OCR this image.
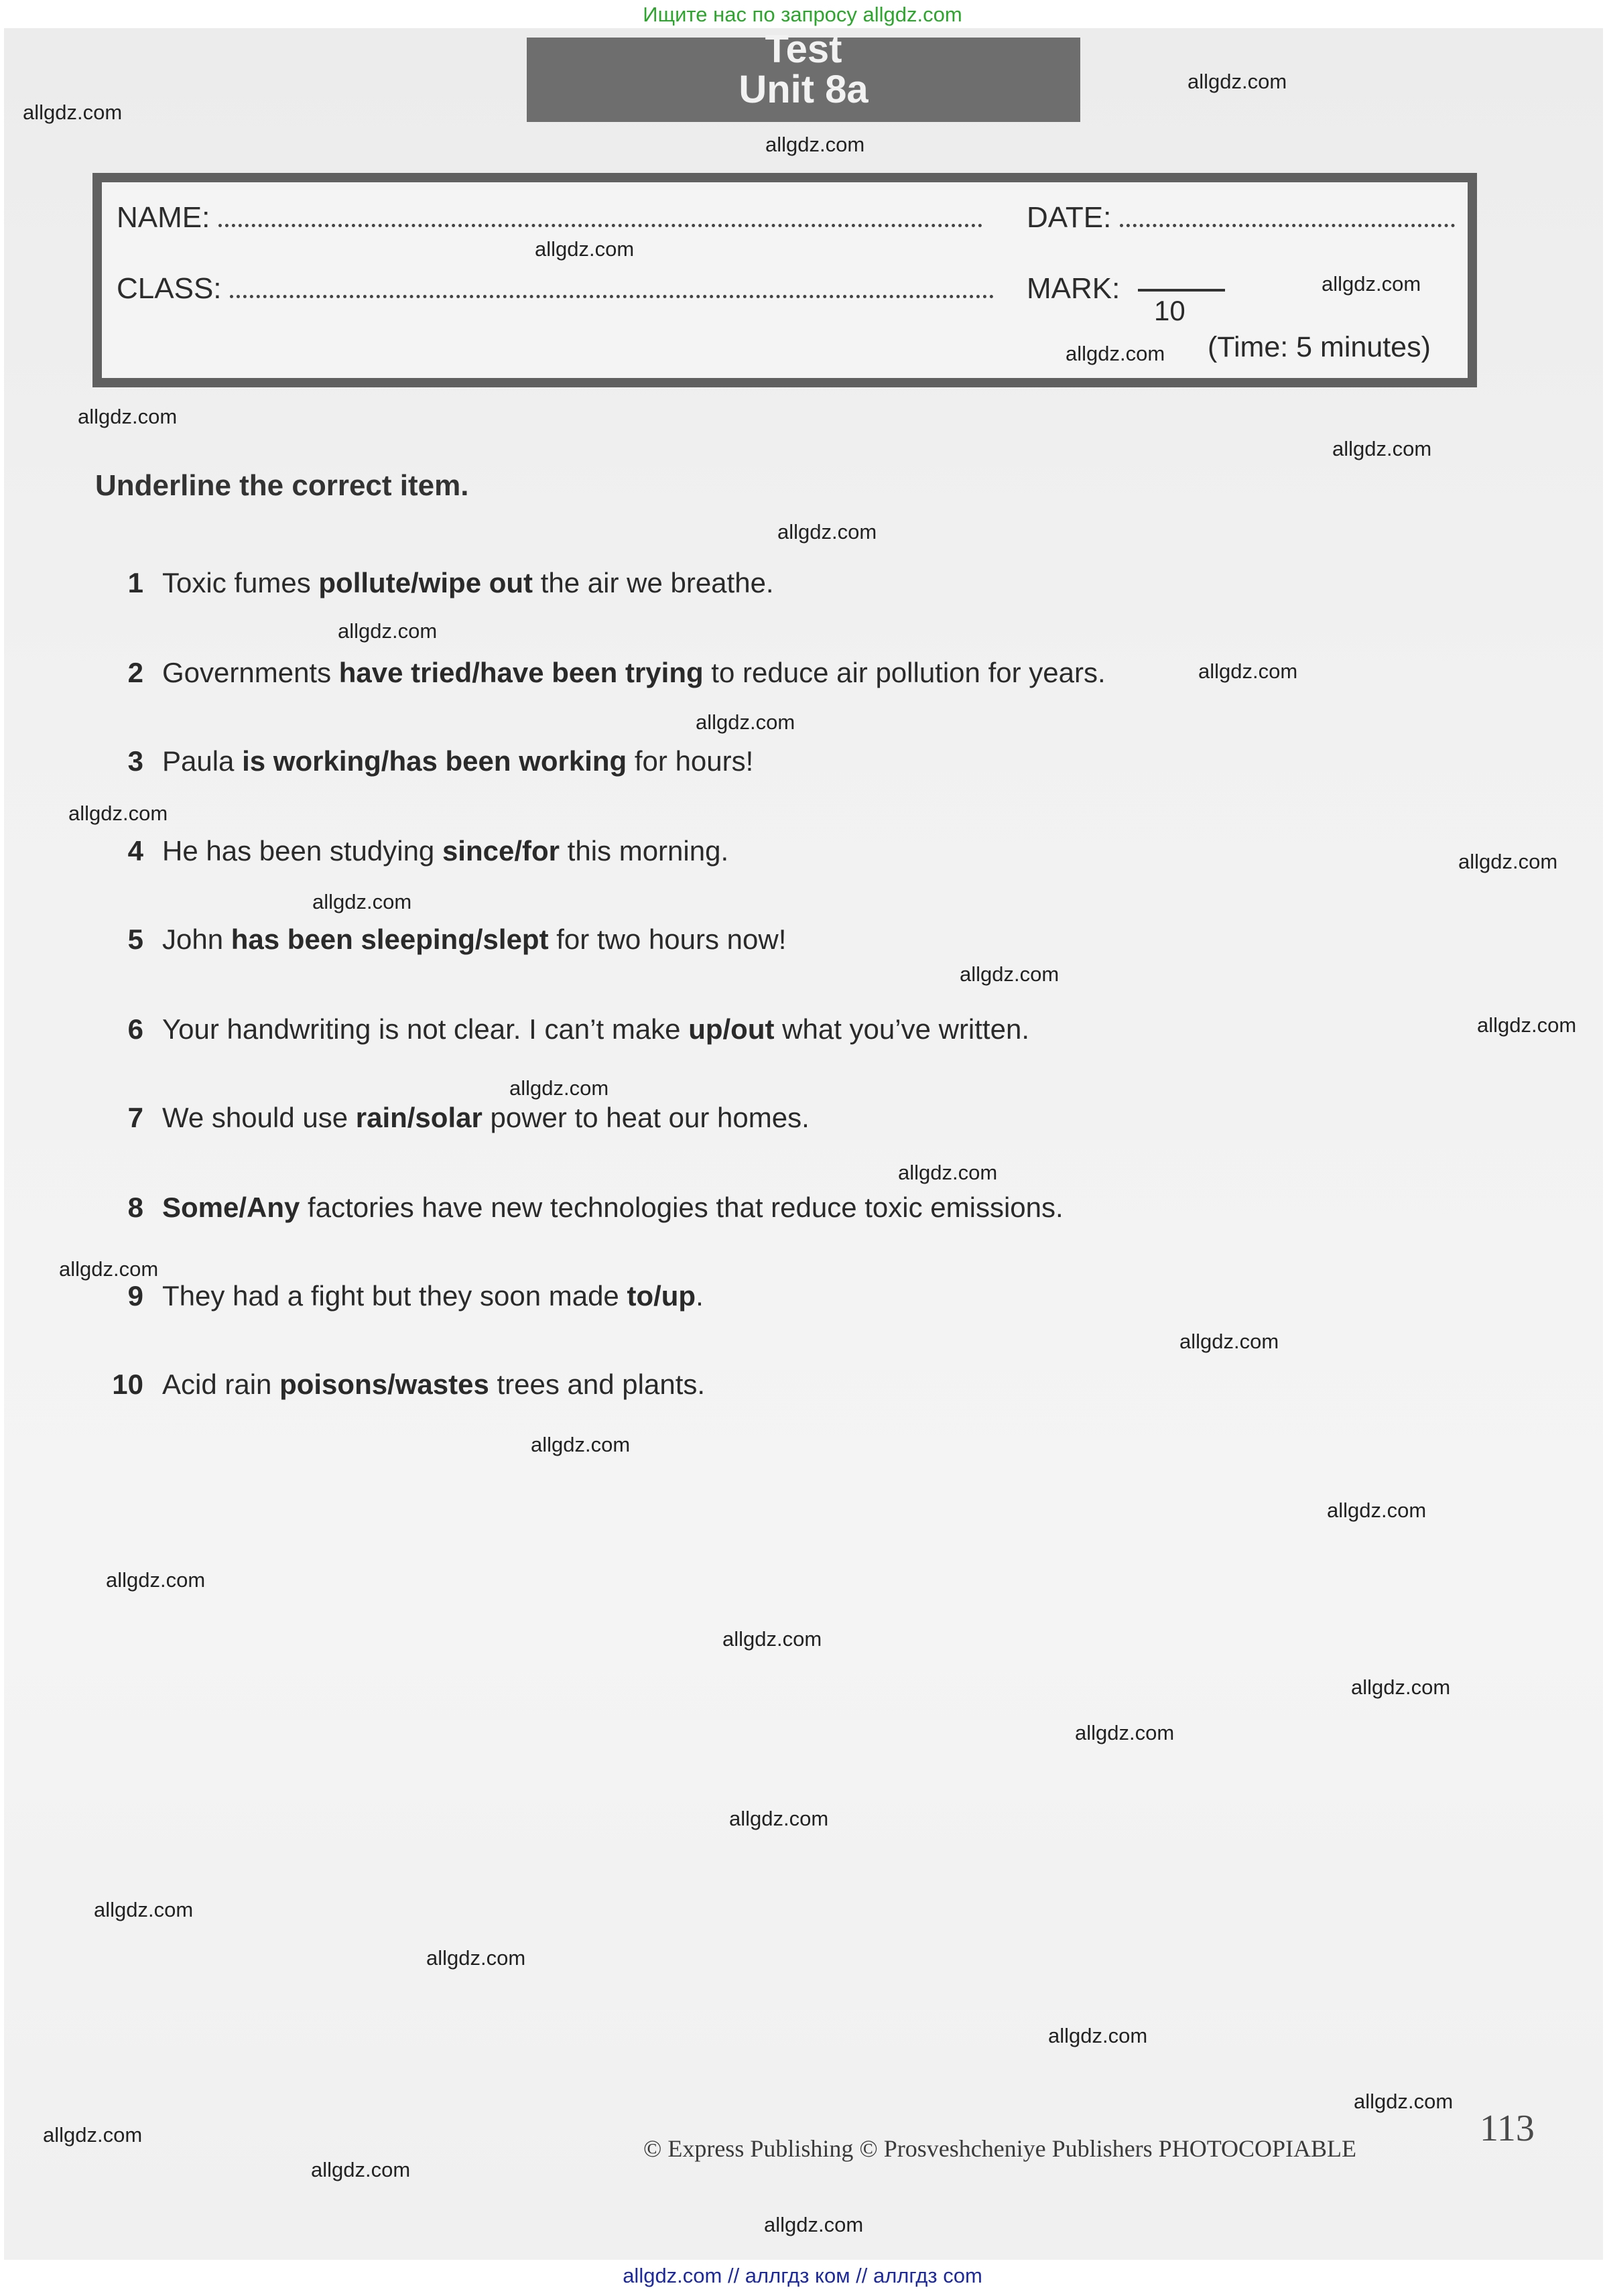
Ищите нас по запросу allgdz.com
Test
Unit 8a
NAME:	DATE:
CLASS:	MARK:
10
(Time: 5 minutes)
Underline the correct item.
1 Toxic fumes pollute/wipe out the air we breathe.
2 Governments have tried/have been trying to reduce air pollution for years.
3 Paula is working/has been working for hours!
4 He has been studying since/for this morning.
5 John has been sleeping/slept for two hours now!
6 Your handwriting is not clear. I can’t make up/out what you’ve written.
7 We should use rain/solar power to heat our homes.
8 Some/Any factories have new technologies that reduce toxic emissions.
9 They had a fight but they soon made to/up.
10 Acid rain poisons/wastes trees and plants.
© Express Publishing © Prosveshcheniye Publishers PHOTOCOPIABLE	113
allgdz.com
allgdz.com
allgdz.com
allgdz.com
allgdz.com
allgdz.com
allgdz.com
allgdz.com
allgdz.com
allgdz.com
allgdz.com
allgdz.com
allgdz.com
allgdz.com
allgdz.com
allgdz.com
allgdz.com
allgdz.com
allgdz.com
allgdz.com
allgdz.com
allgdz.com
allgdz.com
allgdz.com
allgdz.com
allgdz.com
allgdz.com
allgdz.com
allgdz.com
allgdz.com
allgdz.com
allgdz.com
allgdz.com
allgdz.com
allgdz.com
allgdz.com // аллгдз ком // аллгдз com
